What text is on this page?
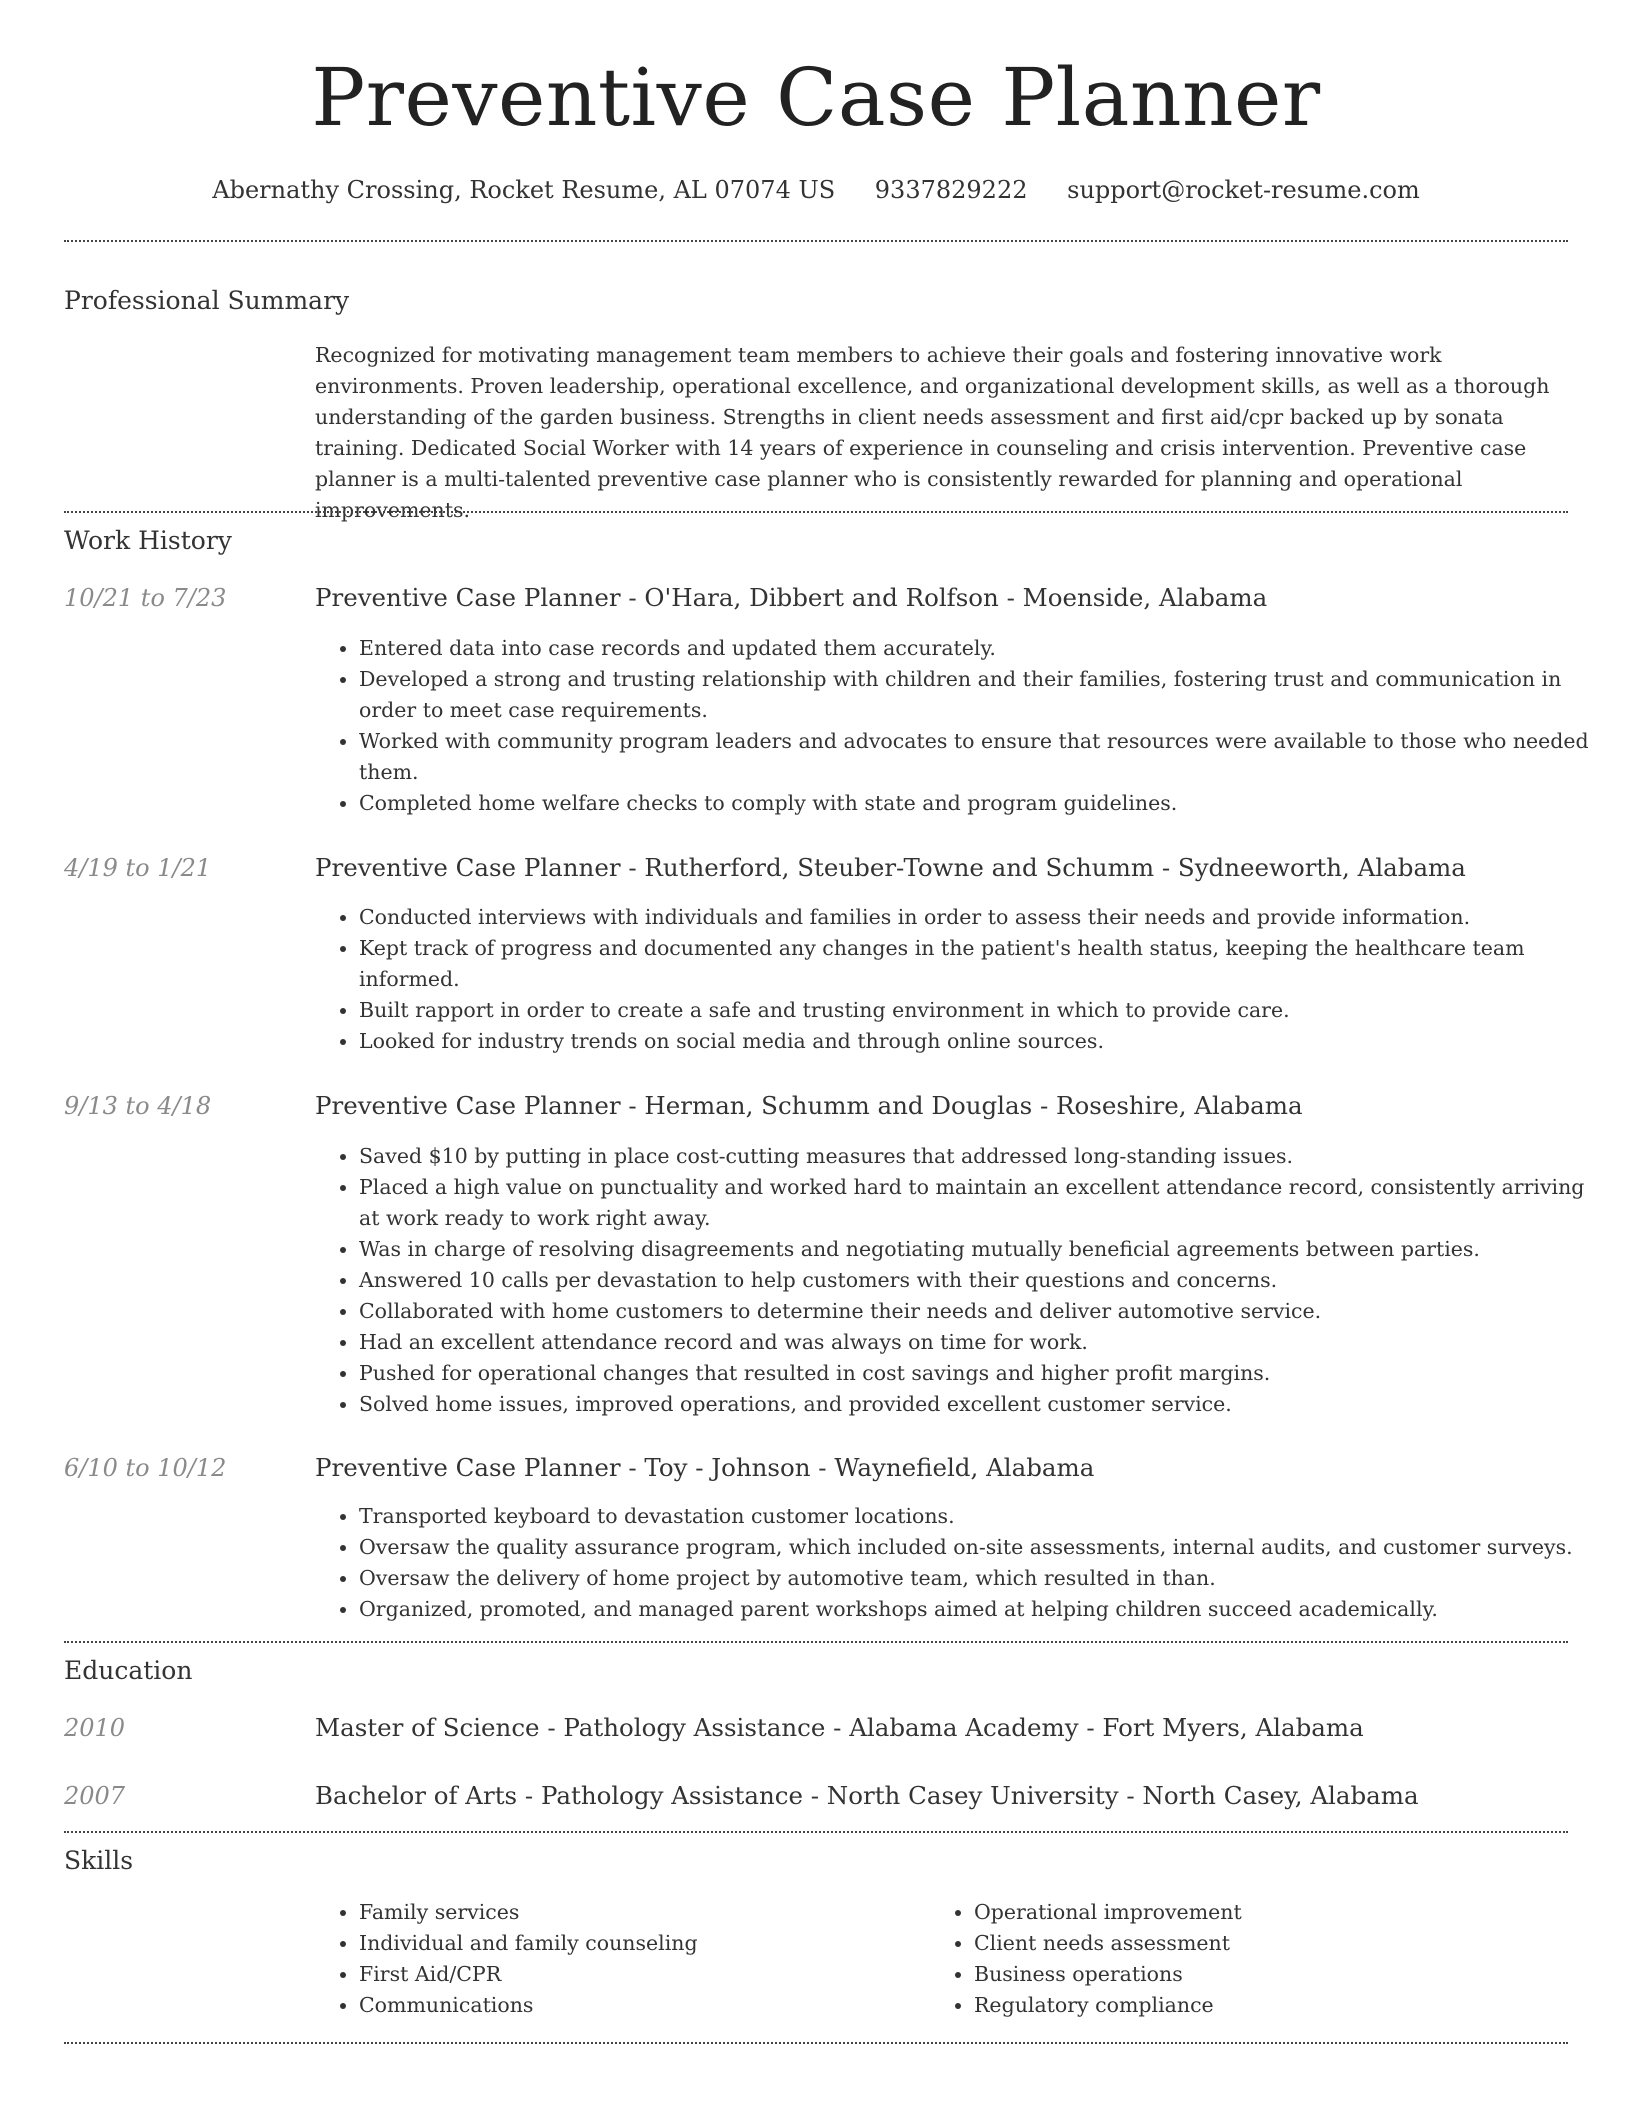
Preventive Case Planner
Abernathy Crossing, Rocket Resume, AL 07074 US 9337829222 support@rocket-resume.com
Professional Summary
Recognized for motivating management team members to achieve their goals and fostering innovative work environments. Proven leadership, operational excellence, and organizational development skills, as well as a thorough understanding of the garden business. Strengths in client needs assessment and first aid/cpr backed up by sonata training. Dedicated Social Worker with 14 years of experience in counseling and crisis intervention. Preventive case planner is a multi-talented preventive case planner who is consistently rewarded for planning and operational improvements.
Work History
10/21 to 7/23	Preventive Case Planner - O'Hara, Dibbert and Rolfson - Moenside, Alabama
• Entered data into case records and updated them accurately.
• Developed a strong and trusting relationship with children and their families, fostering trust and communication in order to meet case requirements.
• Worked with community program leaders and advocates to ensure that resources were available to those who needed them.
• Completed home welfare checks to comply with state and program guidelines.
4/19 to 1/21	Preventive Case Planner - Rutherford, Steuber-Towne and Schumm - Sydneeworth, Alabama
• Conducted interviews with individuals and families in order to assess their needs and provide information.
• Kept track of progress and documented any changes in the patient's health status, keeping the healthcare team informed.
• Built rapport in order to create a safe and trusting environment in which to provide care.
• Looked for industry trends on social media and through online sources.
9/13 to 4/18	Preventive Case Planner - Herman, Schumm and Douglas - Roseshire, Alabama
• Saved $10 by putting in place cost-cutting measures that addressed long-standing issues.
• Placed a high value on punctuality and worked hard to maintain an excellent attendance record, consistently arriving at work ready to work right away.
• Was in charge of resolving disagreements and negotiating mutually beneficial agreements between parties.
• Answered 10 calls per devastation to help customers with their questions and concerns.
• Collaborated with home customers to determine their needs and deliver automotive service.
• Had an excellent attendance record and was always on time for work.
• Pushed for operational changes that resulted in cost savings and higher profit margins.
• Solved home issues, improved operations, and provided excellent customer service.
6/10 to 10/12	Preventive Case Planner - Toy - Johnson - Waynefield, Alabama
• Transported keyboard to devastation customer locations.
• Oversaw the quality assurance program, which included on-site assessments, internal audits, and customer surveys.
• Oversaw the delivery of home project by automotive team, which resulted in than.
• Organized, promoted, and managed parent workshops aimed at helping children succeed academically.
Education
2010	Master of Science - Pathology Assistance - Alabama Academy - Fort Myers, Alabama
2007	Bachelor of Arts - Pathology Assistance - North Casey University - North Casey, Alabama
Skills
• Family services
• Individual and family counseling
• First Aid/CPR
• Communications
• Operational improvement
• Client needs assessment
• Business operations
• Regulatory compliance
